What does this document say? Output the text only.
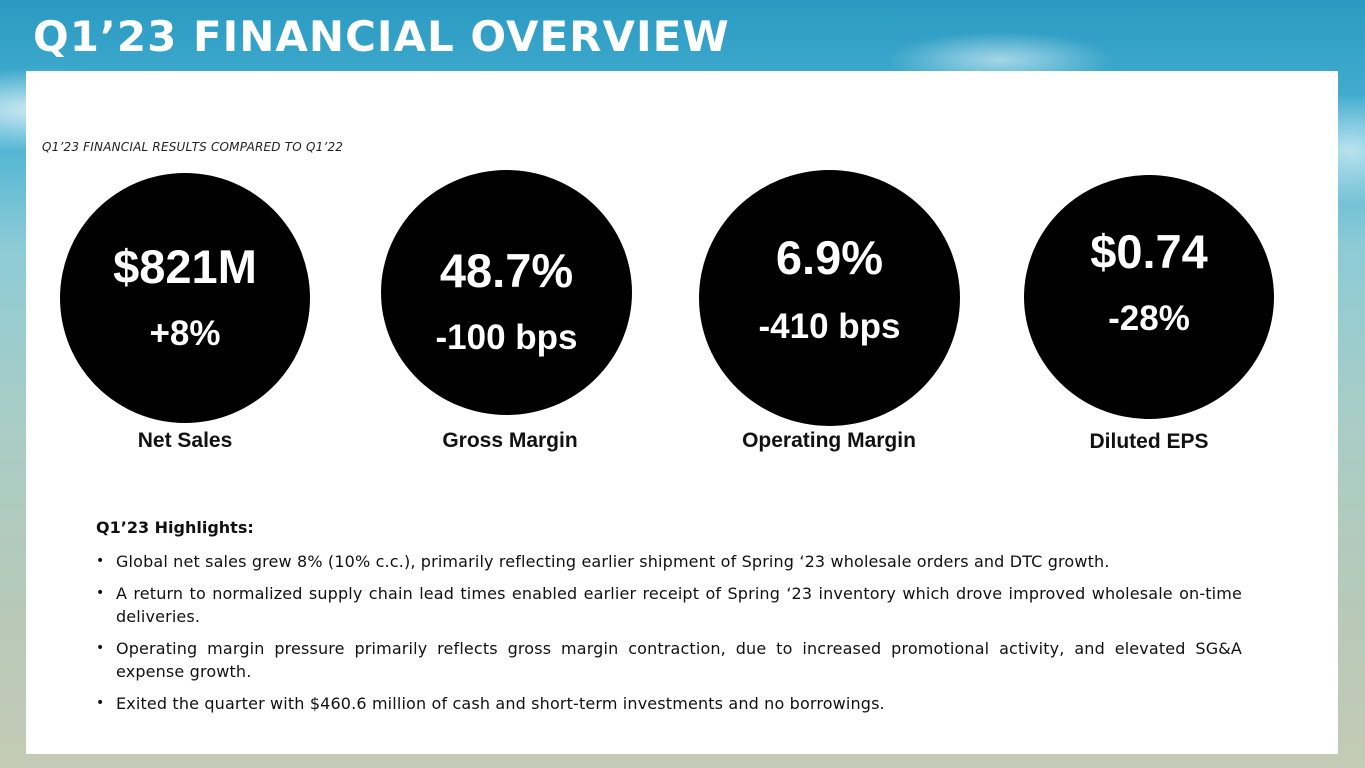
Q1’23 FINANCIAL OVERVIEW
Q1’23 FINANCIAL RESULTS COMPARED TO Q1’22
$821M
+8%
Net Sales
48.7%
-100 bps
Gross Margin
6.9%
-410 bps
Operating Margin
$0.74
-28%
Diluted EPS
Q1’23 Highlights:
• Global net sales grew 8% (10% c.c.), primarily reflecting earlier shipment of Spring ‘23 wholesale orders and DTC growth.
• A return to normalized supply chain lead times enabled earlier receipt of Spring ‘23 inventory which drove improved wholesale on-time deliveries.
• Operating margin pressure primarily reflects gross margin contraction, due to increased promotional activity, and elevated SG&A expense growth.
• Exited the quarter with $460.6 million of cash and short-term investments and no borrowings.
